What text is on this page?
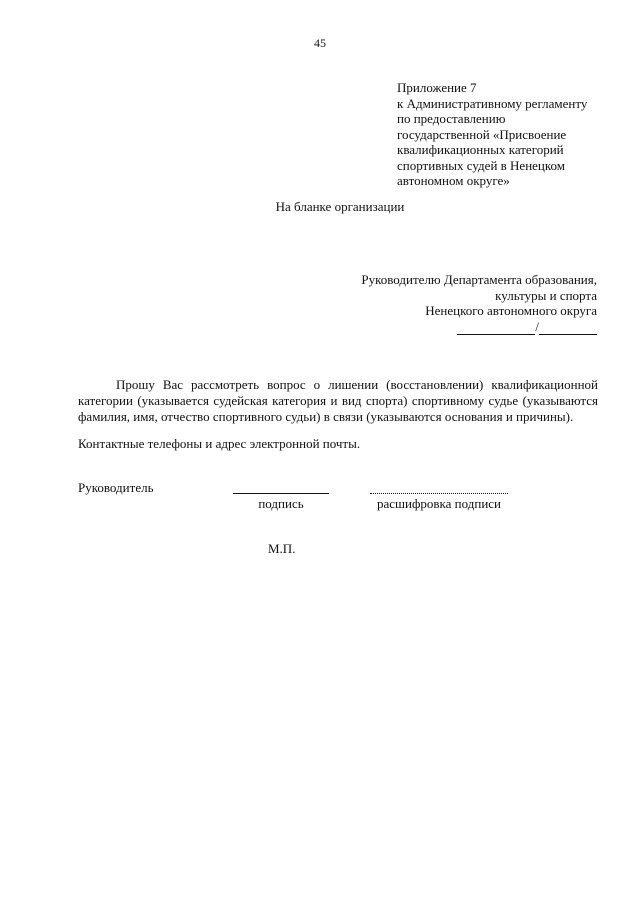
45
Приложение 7
к Административному регламенту
по предоставлению
государственной «Присвоение
квалификационных категорий
спортивных судей в Ненецком
автономном округе»
На бланке организации
Руководителю Департамента образования,
культуры и спорта
Ненецкого автономного округа
/
Прошу Вас рассмотреть вопрос о лишении (восстановлении) квалификационной категории (указывается судейская категория и вид спорта) спортивному судье (указываются фамилия, имя, отчество спортивного судьи) в связи (указываются основания и причины).
Контактные телефоны и адрес электронной почты.
Руководитель
подпись	расшифровка подписи
М.П.
